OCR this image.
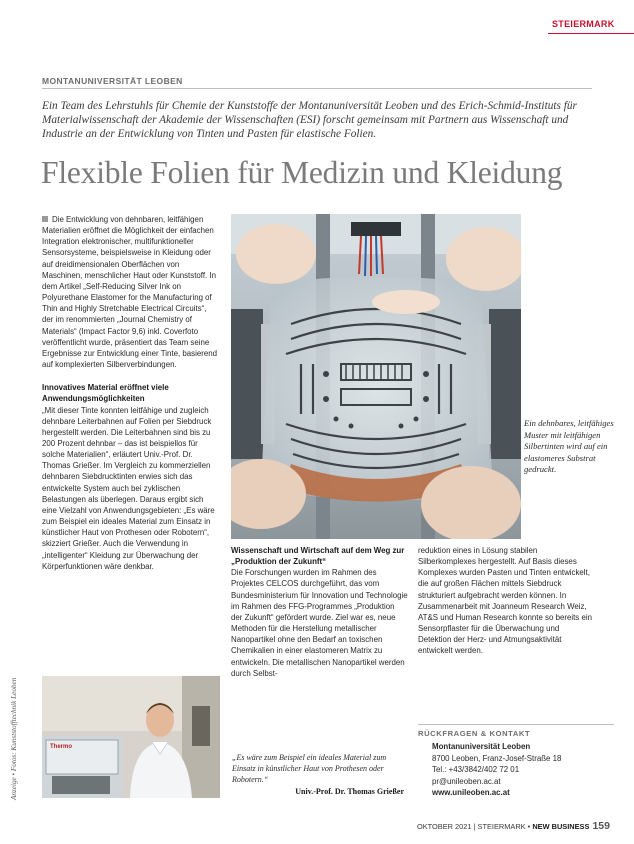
STEIERMARK
MONTANUNIVERSITÄT LEOBEN
Ein Team des Lehrstuhls für Chemie der Kunststoffe der Montanuniversität Leoben und des Erich-Schmid-Instituts für Materialwissenschaft der Akademie der Wissenschaften (ESI) forscht gemeinsam mit Partnern aus Wissenschaft und Industrie an der Entwicklung von Tinten und Pasten für elastische Folien.
Flexible Folien für Medizin und Kleidung

Die Entwicklung von dehnbaren, leitfähigen Materialien eröffnet die Möglichkeit der einfachen Integration elektronischer, multifunktioneller Sensorsysteme, beispielsweise in Kleidung oder auf dreidimensionalen Oberflächen von Maschinen, menschlicher Haut oder Kunststoff. In dem Artikel „Self-Reducing Silver Ink on Polyurethane Elastomer for the Manufacturing of Thin and Highly Stretchable Electrical Circuits“, der im renommierten „Journal Chemistry of Materials“ (Impact Factor 9,6) inkl. Coverfoto veröffentlicht wurde, präsentiert das Team seine Ergebnisse zur Entwicklung einer Tinte, basierend auf komplexierten Silberverbindungen.

Innovatives Material eröffnet viele Anwendungsmöglichkeiten

„Mit dieser Tinte konnten leitfähige und zugleich dehnbare Leiterbahnen auf Folien per Siebdruck hergestellt werden. Die Leiterbahnen sind bis zu 200 Prozent dehnbar – das ist beispiellos für solche Materialien“, erläutert Univ.-Prof. Dr. Thomas Grießer. Im Vergleich zu kommerziellen dehnbaren Siebdrucktinten erwies sich das entwickelte System auch bei zyklischen Belastungen als überlegen. Daraus ergibt sich eine Vielzahl von Anwendungsgebieten: „Es wäre zum Beispiel ein ideales Material zum Einsatz in künstlicher Haut von Prothesen oder Robotern“, skizziert Grießer. Auch die Verwendung in „intelligenter“ Kleidung zur Überwachung der Körperfunktionen wäre denkbar.

Ein dehnbares, leitfähiges Muster mit leitfähigen Silbertinten wird auf ein elastomeres Substrat gedruckt.

Wissenschaft und Wirtschaft auf dem Weg zur „Produktion der Zukunft“

Die Forschungen wurden im Rahmen des Projektes CELCOS durchgeführt, das vom Bundesministerium für Innovation und Technologie im Rahmen des FFG-Programmes „Produktion der Zukunft“ gefördert wurde. Ziel war es, neue Methoden für die Herstellung metallischer Nanopartikel ohne den Bedarf an toxischen Chemikalien in einer elastomeren Matrix zu entwickeln. Die metallischen Nanopartikel werden durch Selbst-

reduktion eines in Lösung stabilen Silberkomplexes hergestellt. Auf Basis dieses Komplexes wurden Pasten und Tinten entwickelt, die auf großen Flächen mittels Siebdruck strukturiert aufgebracht werden können. In Zusammenarbeit mit Joanneum Research Weiz, AT&S und Human Research konnte so bereits ein Sensorpflaster für die Überwachung und Detektion der Herz- und Atmungsaktivität entwickelt werden.

Anzeige • Fotos: Kunststofftechnik Leoben	Thermo
„Es wäre zum Beispiel ein ideales Material zum Einsatz in künstlicher Haut von Prothesen oder Robotern.“
Univ.-Prof. Dr. Thomas Grießer
RÜCKFRAGEN & KONTAKT
Montanuniversität Leoben
8700 Leoben, Franz-Josef-Straße 18
Tel.: +43/3842/402 72 01
pr@unileoben.ac.at
www.unileoben.ac.at
OKTOBER 2021 | STEIERMARK • NEW BUSINESS 159
